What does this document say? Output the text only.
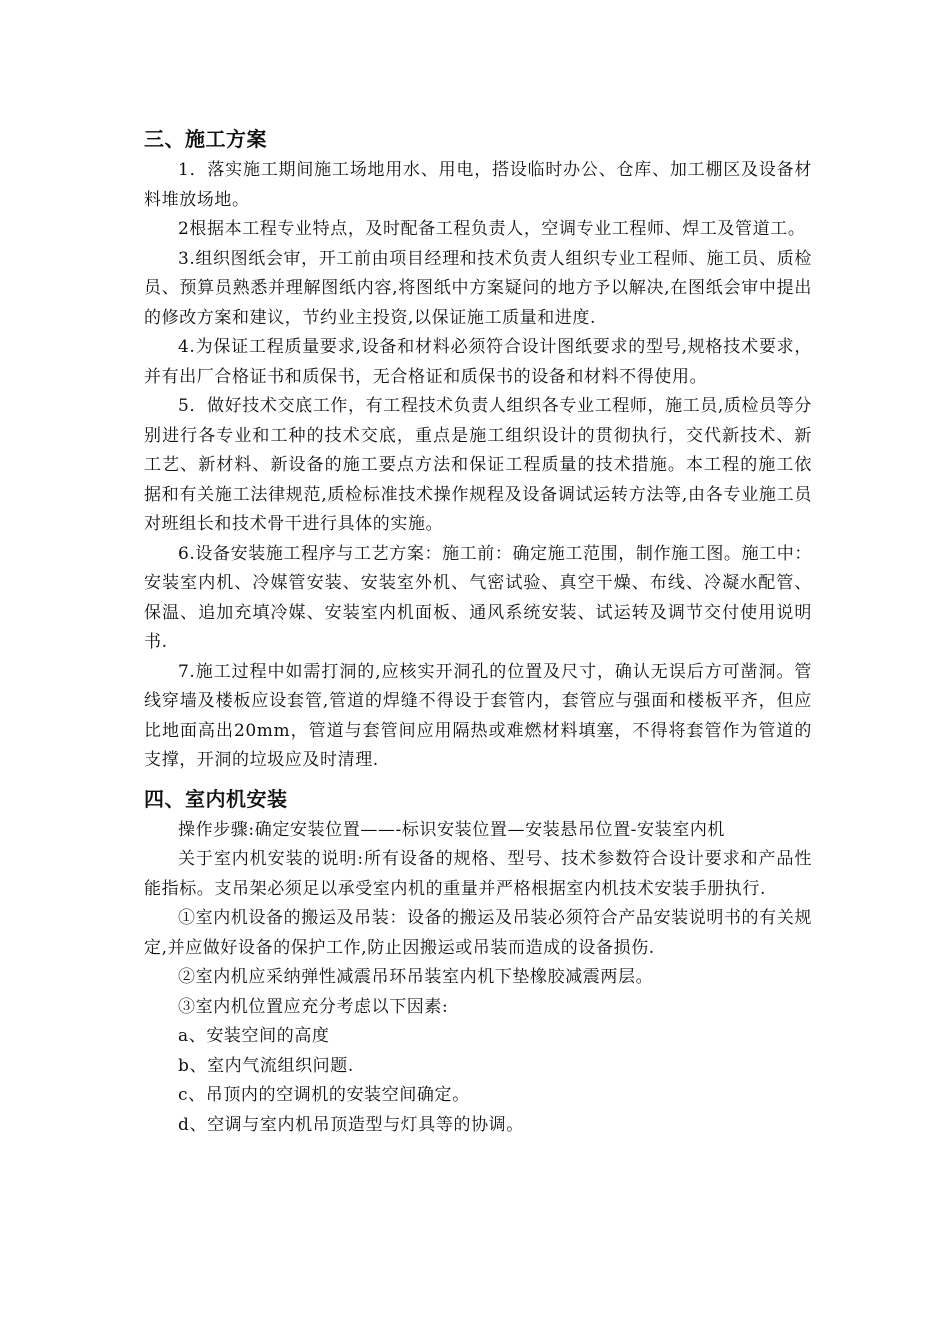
三、施工方案

1．落实施工期间施工场地用水、用电，搭设临时办公、仓库、加工棚区及设备材料堆放场地。

2根据本工程专业特点，及时配备工程负责人，空调专业工程师、焊工及管道工。

3.组织图纸会审，开工前由项目经理和技术负责人组织专业工程师、施工员、质检员、预算员熟悉并理解图纸内容,将图纸中方案疑问的地方予以解决,在图纸会审中提出的修改方案和建议，节约业主投资,以保证施工质量和进度.

4.为保证工程质量要求,设备和材料必须符合设计图纸要求的型号,规格技术要求，并有出厂合格证书和质保书，无合格证和质保书的设备和材料不得使用。

5．做好技术交底工作，有工程技术负责人组织各专业工程师，施工员,质检员等分别进行各专业和工种的技术交底，重点是施工组织设计的贯彻执行，交代新技术、新工艺、新材料、新设备的施工要点方法和保证工程质量的技术措施。本工程的施工依据和有关施工法律规范,质检标准技术操作规程及设备调试运转方法等,由各专业施工员对班组长和技术骨干进行具体的实施。

6.设备安装施工程序与工艺方案：施工前：确定施工范围，制作施工图。施工中：安装室内机、冷媒管安装、安装室外机、气密试验、真空干燥、布线、冷凝水配管、保温、追加充填冷媒、安装室内机面板、通风系统安装、试运转及调节交付使用说明书.

7.施工过程中如需打洞的,应核实开洞孔的位置及尺寸，确认无误后方可凿洞。管线穿墙及楼板应设套管,管道的焊缝不得设于套管内，套管应与强面和楼板平齐，但应比地面高出20mm，管道与套管间应用隔热或难燃材料填塞，不得将套管作为管道的支撑，开洞的垃圾应及时清理.

四、室内机安装

操作步骤:确定安装位置——-标识安装位置—安装悬吊位置-安装室内机

关于室内机安装的说明:所有设备的规格、型号、技术参数符合设计要求和产品性能指标。支吊架必须足以承受室内机的重量并严格根据室内机技术安装手册执行.

①室内机设备的搬运及吊装：设备的搬运及吊装必须符合产品安装说明书的有关规定,并应做好设备的保护工作,防止因搬运或吊装而造成的设备损伤.

②室内机应采纳弹性减震吊环吊装室内机下垫橡胶减震两层。

③室内机位置应充分考虑以下因素:

a、安装空间的高度

b、室内气流组织问题.

c、吊顶内的空调机的安装空间确定。

d、空调与室内机吊顶造型与灯具等的协调。
